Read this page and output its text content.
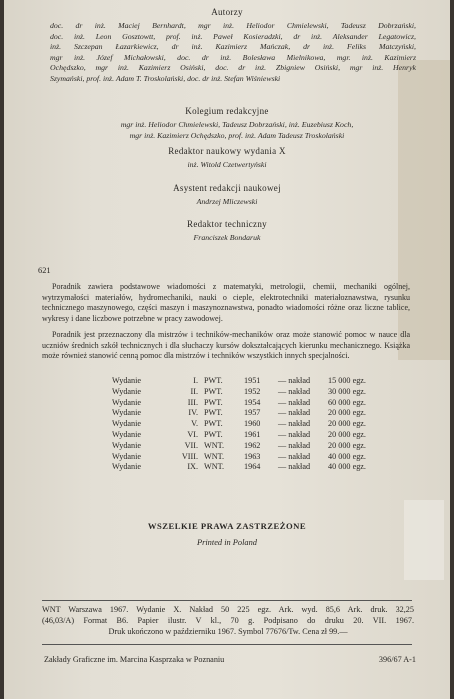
Autorzy
doc. dr inż. Maciej Bernhardt, mgr inż. Heliodor Chmielewski, Tadeusz Dobrzański,
doc. inż. Leon Gosztowtt, prof. inż. Paweł Kosieradzki, dr inż. Aleksander Legatowicz,
inż. Szczepan Łazarkiewicz, dr inż. Kazimierz Mańczak, dr inż. Feliks Matczyński,
mgr inż. Józef Michałowski, doc. dr inż. Bolesława Mielnikowa, mgr. inż. Kazimierz
Ochędszko, mgr inż. Kazimierz Osiński, doc. dr inż. Zbigniew Osiński, mgr inż. Henryk
Szymański, prof. inż. Adam T. Troskolański, doc. dr inż. Stefan Wiśniewski
Kolegium redakcyjne
mgr inż. Heliodor Chmielewski, Tadeusz Dobrzański, inż. Euzebiusz Koch,
mgr inż. Kazimierz Ochędszko, prof. inż. Adam Tadeusz Troskolański
Redaktor naukowy wydania X
inż. Witold Czetwertyński
Asystent redakcji naukowej
Andrzej Mliczewski
Redaktor techniczny
Franciszek Bondaruk
621
Poradnik zawiera podstawowe wiadomości z matematyki, metrologii, chemii, mechaniki ogólnej, wytrzymałości materiałów, hydromechaniki, nauki o cieple, elektrotechniki materiałoznawstwa, rysunku technicznego maszynowego, części maszyn i maszynoznawstwa, ponadto wiadomości różne oraz liczne tablice, wykresy i dane liczbowe potrzebne w pracy zawodowej.
Poradnik jest przeznaczony dla mistrzów i techników-mechaników oraz może stanowić pomoc w nauce dla uczniów średnich szkół technicznych i dla słuchaczy kursów dokształcających kierunku mechanicznego. Książka może również stanowić cenną pomoc dla mistrzów i techników wszystkich innych specjalności.
Wydanie	I. PWT.	1951	— nakład	15 000 egz.
Wydanie	II. PWT.	1952	— nakład	30 000 egz.
Wydanie	III. PWT.	1954	— nakład	60 000 egz.
Wydanie	IV. PWT.	1957	— nakład	20 000 egz.
Wydanie	V. PWT.	1960	— nakład	20 000 egz.
Wydanie	VI. PWT.	1961	— nakład	20 000 egz.
Wydanie	VII. WNT.	1962	— nakład	20 000 egz.
Wydanie	VIII. WNT.	1963	— nakład	40 000 egz.
Wydanie	IX. WNT.	1964	— nakład	40 000 egz.
WSZELKIE PRAWA ZASTRZEŻONE
Printed in Poland
WNT Warszawa 1967. Wydanie X. Nakład 50 225 egz. Ark. wyd. 85,6 Ark. druk. 32,25
(46,03/A) Format B6. Papier ilustr. V kl., 70 g. Podpisano do druku 20. VII. 1967.
Druk ukończono w październiku 1967. Symbol 77676/Tw. Cena zł 99.—
Zakłady Graficzne im. Marcina Kasprzaka w Poznaniu	396/67 A-1
